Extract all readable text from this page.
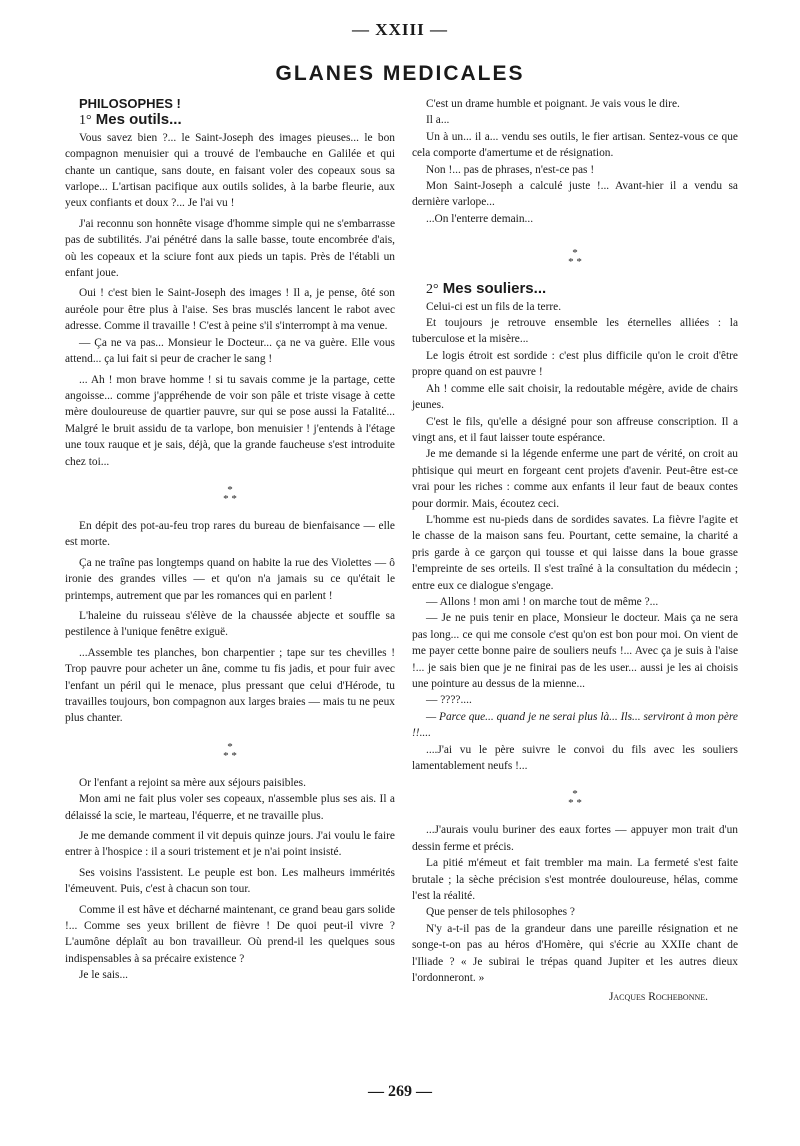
— XXIII —
GLANES MEDICALES

PHILOSOPHES !

1° Mes outils...

Vous savez bien ?... le Saint-Joseph des images pieuses... le bon compagnon menuisier qui a trouvé de l'embauche en Galilée et qui chante un cantique, sans doute, en faisant voler des copeaux sous sa varlope... L'artisan pacifique aux outils solides, à la barbe fleurie, aux yeux confiants et doux ?... Je l'ai vu !

J'ai reconnu son honnête visage d'homme simple qui ne s'embarrasse pas de subtilités. J'ai pénétré dans la salle basse, toute encombrée d'ais, où les copeaux et la sciure font aux pieds un tapis. Près de l'établi un enfant joue.

Oui ! c'est bien le Saint-Joseph des images ! Il a, je pense, ôté son auréole pour être plus à l'aise. Ses bras musclés lancent le rabot avec adresse. Comme il travaille ! C'est à peine s'il s'interrompt à ma venue.

— Ça ne va pas... Monsieur le Docteur... ça ne va guère. Elle vous attend... ça lui fait si peur de cracher le sang !

... Ah ! mon brave homme ! si tu savais comme je la partage, cette angoisse... comme j'appréhende de voir son pâle et triste visage à cette mère douloureuse de quartier pauvre, sur qui se pose aussi la Fatalité... Malgré le bruit assidu de ta varlope, bon menuisier ! j'entends à l'étage une toux rauque et je sais, déjà, que la grande faucheuse s'est introduite chez toi...

*
* *

En dépit des pot-au-feu trop rares du bureau de bienfaisance — elle est morte.

Ça ne traîne pas longtemps quand on habite la rue des Violettes — ô ironie des grandes villes — et qu'on n'a jamais su ce qu'était le printemps, autrement que par les romances qui en parlent !

L'haleine du ruisseau s'élève de la chaussée abjecte et souffle sa pestilence à l'unique fenêtre exiguë.

...Assemble tes planches, bon charpentier ; tape sur tes chevilles ! Trop pauvre pour acheter un âne, comme tu fis jadis, et pour fuir avec l'enfant un péril qui le menace, plus pressant que celui d'Hérode, tu travailles toujours, bon compagnon aux larges braies — mais tu ne peux plus chanter.

*
* *

Or l'enfant a rejoint sa mère aux séjours paisibles.

Mon ami ne fait plus voler ses copeaux, n'assemble plus ses ais. Il a délaissé la scie, le marteau, l'équerre, et ne travaille plus.

Je me demande comment il vit depuis quinze jours. J'ai voulu le faire entrer à l'hospice : il a souri tristement et je n'ai point insisté.

Ses voisins l'assistent. Le peuple est bon. Les malheurs immérités l'émeuvent. Puis, c'est à chacun son tour.

Comme il est hâve et décharné maintenant, ce grand beau gars solide !... Comme ses yeux brillent de fièvre ! De quoi peut-il vivre ? L'aumône déplaît au bon travailleur. Où prend-il les quelques sous indispensables à sa précaire existence ?

Je le sais...

C'est un drame humble et poignant. Je vais vous le dire.

Il a...

Un à un... il a... vendu ses outils, le fier artisan. Sentez-vous ce que cela comporte d'amertume et de résignation.

Non !... pas de phrases, n'est-ce pas !

Mon Saint-Joseph a calculé juste !... Avant-hier il a vendu sa dernière varlope...

...On l'enterre demain...

*
* *

2° Mes souliers...

Celui-ci est un fils de la terre.

Et toujours je retrouve ensemble les éternelles alliées : la tuberculose et la misère...

Le logis étroit est sordide : c'est plus difficile qu'on le croit d'être propre quand on est pauvre !

Ah ! comme elle sait choisir, la redoutable mégère, avide de chairs jeunes.

C'est le fils, qu'elle a désigné pour son affreuse conscription. Il a vingt ans, et il faut laisser toute espérance.

Je me demande si la légende enferme une part de vérité, on croit au phtisique qui meurt en forgeant cent projets d'avenir. Peut-être est-ce vrai pour les riches : comme aux enfants il leur faut de beaux contes pour dormir. Mais, écoutez ceci.

L'homme est nu-pieds dans de sordides savates. La fièvre l'agite et le chasse de la maison sans feu. Pourtant, cette semaine, la charité a pris garde à ce garçon qui tousse et qui laisse dans la boue grasse l'empreinte de ses orteils. Il s'est traîné à la consultation du médecin ; entre eux ce dialogue s'engage.

— Allons ! mon ami ! on marche tout de même ?...

— Je ne puis tenir en place, Monsieur le docteur. Mais ça ne sera pas long... ce qui me console c'est qu'on est bon pour moi. On vient de me payer cette bonne paire de souliers neufs !... Avec ça je suis à l'aise !... je sais bien que je ne finirai pas de les user... aussi je les ai choisis une pointure au dessus de la mienne...

— ????....

— Parce que... quand je ne serai plus là... Ils... serviront à mon père !!....

....J'ai vu le père suivre le convoi du fils avec les souliers lamentablement neufs !...

*
* *

...J'aurais voulu buriner des eaux fortes — appuyer mon trait d'un dessin ferme et précis.

La pitié m'émeut et fait trembler ma main. La fermeté s'est faite brutale ; la sèche précision s'est montrée douloureuse, hélas, comme l'est la réalité.

Que penser de tels philosophes ?

N'y a-t-il pas de la grandeur dans une pareille résignation et ne songe-t-on pas au héros d'Homère, qui s'écrie au XXIIe chant de l'Iliade ? « Je subirai le trépas quand Jupiter et les autres dieux l'ordonneront. »

Jacques Rochebonne.
— 269 —
